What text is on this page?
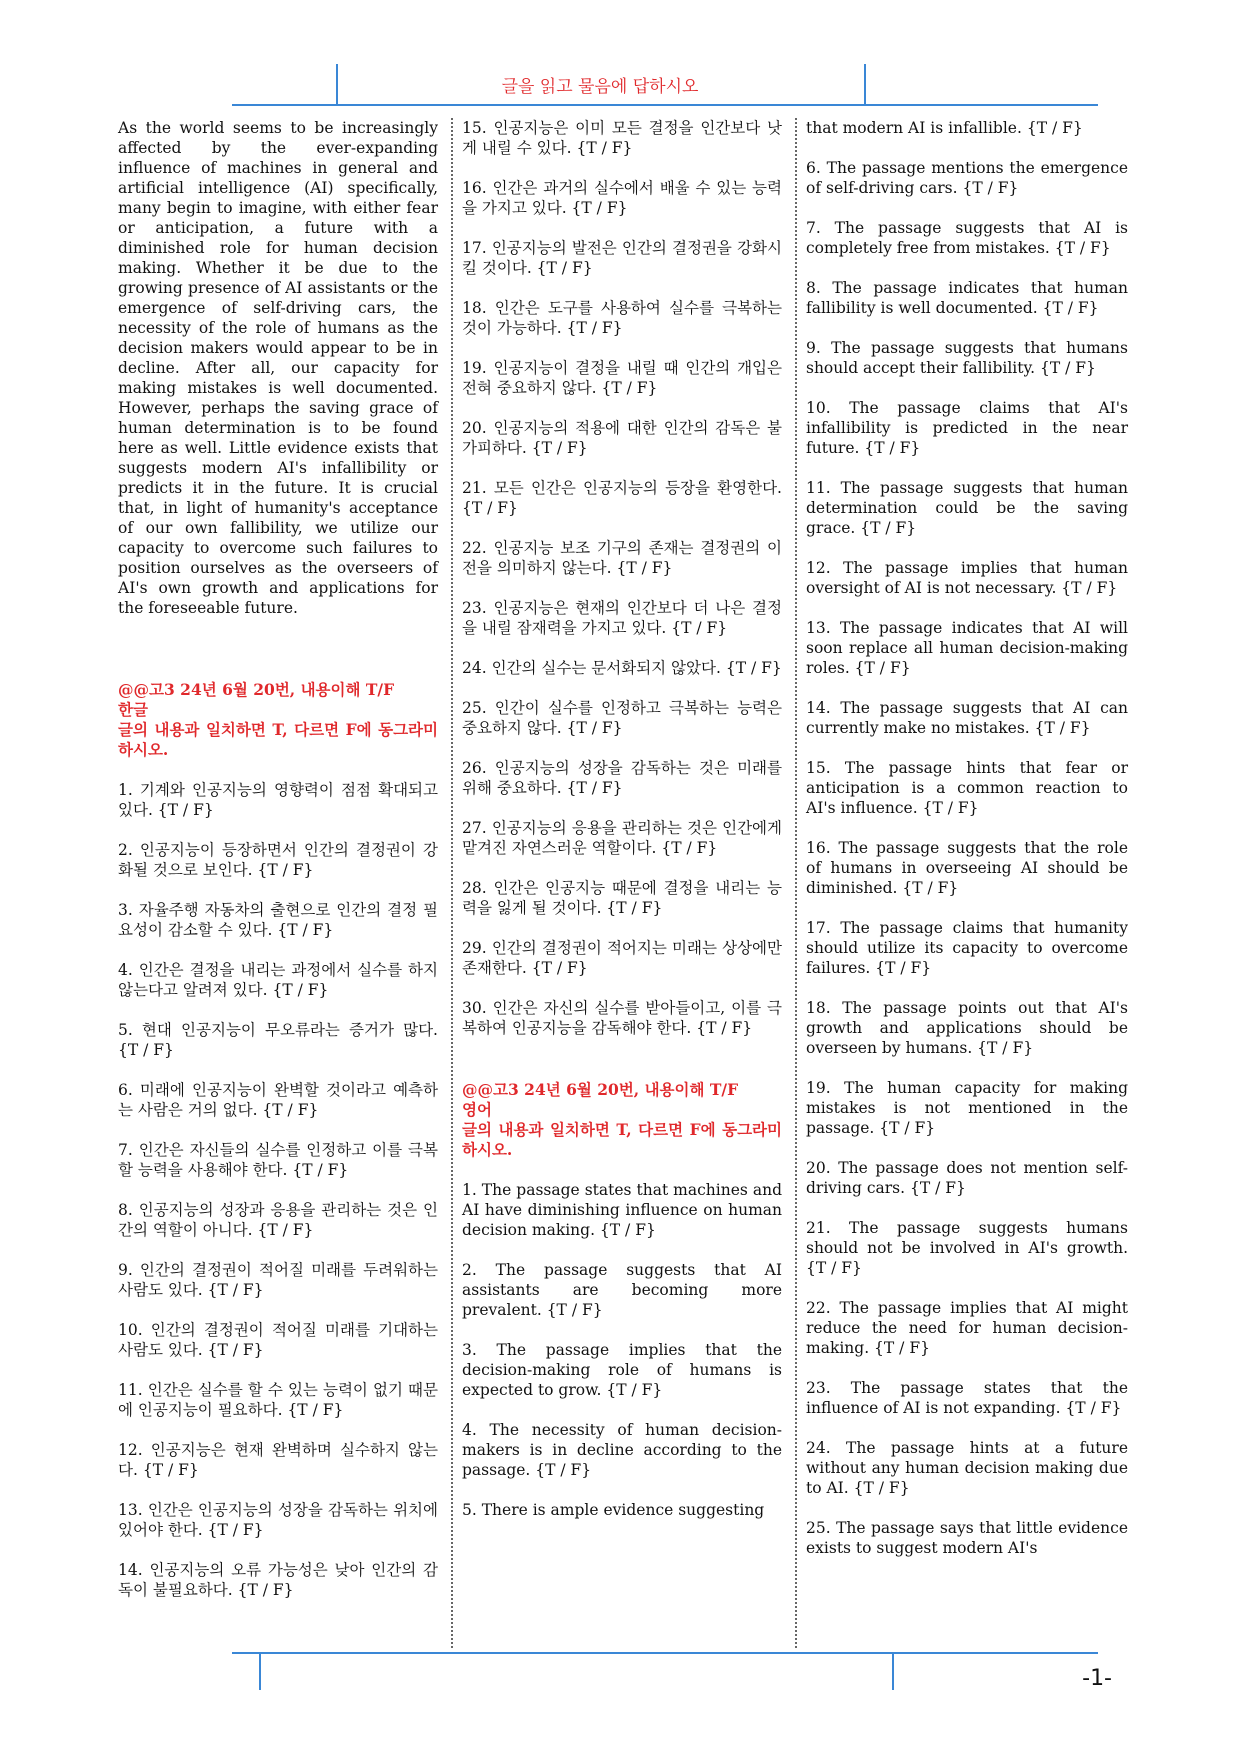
글을 읽고 물음에 답하시오

As the world seems to be increasingly affected by the ever-expanding influence of machines in general and artificial intelligence (AI) specifically, many begin to imagine, with either fear or anticipation, a future with a diminished role for human decision making. Whether it be due to the growing presence of AI assistants or the emergence of self-driving cars, the necessity of the role of humans as the decision makers would appear to be in decline. After all, our capacity for making mistakes is well documented. However, perhaps the saving grace of human determination is to be found here as well. Little evidence exists that suggests modern AI's infallibility or predicts it in the future. It is crucial that, in light of humanity's acceptance of our own fallibility, we utilize our capacity to overcome such failures to position ourselves as the overseers of AI's own growth and applications for the foreseeable future.

@@고3 24년 6월 20번, 내용이해 T/F
한글
글의 내용과 일치하면 T, 다르면 F에 동그라미 하시오.

1. 기계와 인공지능의 영향력이 점점 확대되고 있다. {T / F}

2. 인공지능이 등장하면서 인간의 결정권이 강화될 것으로 보인다. {T / F}

3. 자율주행 자동차의 출현으로 인간의 결정 필요성이 감소할 수 있다. {T / F}

4. 인간은 결정을 내리는 과정에서 실수를 하지 않는다고 알려져 있다. {T / F}

5. 현대 인공지능이 무오류라는 증거가 많다. {T / F}

6. 미래에 인공지능이 완벽할 것이라고 예측하는 사람은 거의 없다. {T / F}

7. 인간은 자신들의 실수를 인정하고 이를 극복할 능력을 사용해야 한다. {T / F}

8. 인공지능의 성장과 응용을 관리하는 것은 인간의 역할이 아니다. {T / F}

9. 인간의 결정권이 적어질 미래를 두려워하는 사람도 있다. {T / F}

10. 인간의 결정권이 적어질 미래를 기대하는 사람도 있다. {T / F}

11. 인간은 실수를 할 수 있는 능력이 없기 때문에 인공지능이 필요하다. {T / F}

12. 인공지능은 현재 완벽하며 실수하지 않는다. {T / F}

13. 인간은 인공지능의 성장을 감독하는 위치에 있어야 한다. {T / F}

14. 인공지능의 오류 가능성은 낮아 인간의 감독이 불필요하다. {T / F}

15. 인공지능은 이미 모든 결정을 인간보다 낫게 내릴 수 있다. {T / F}

16. 인간은 과거의 실수에서 배울 수 있는 능력을 가지고 있다. {T / F}

17. 인공지능의 발전은 인간의 결정권을 강화시킬 것이다. {T / F}

18. 인간은 도구를 사용하여 실수를 극복하는 것이 가능하다. {T / F}

19. 인공지능이 결정을 내릴 때 인간의 개입은 전혀 중요하지 않다. {T / F}

20. 인공지능의 적용에 대한 인간의 감독은 불가피하다. {T / F}

21. 모든 인간은 인공지능의 등장을 환영한다. {T / F}

22. 인공지능 보조 기구의 존재는 결정권의 이전을 의미하지 않는다. {T / F}

23. 인공지능은 현재의 인간보다 더 나은 결정을 내릴 잠재력을 가지고 있다. {T / F}

24. 인간의 실수는 문서화되지 않았다. {T / F}

25. 인간이 실수를 인정하고 극복하는 능력은 중요하지 않다. {T / F}

26. 인공지능의 성장을 감독하는 것은 미래를 위해 중요하다. {T / F}

27. 인공지능의 응용을 관리하는 것은 인간에게 맡겨진 자연스러운 역할이다. {T / F}

28. 인간은 인공지능 때문에 결정을 내리는 능력을 잃게 될 것이다. {T / F}

29. 인간의 결정권이 적어지는 미래는 상상에만 존재한다. {T / F}

30. 인간은 자신의 실수를 받아들이고, 이를 극복하여 인공지능을 감독해야 한다. {T / F}

@@고3 24년 6월 20번, 내용이해 T/F
영어
글의 내용과 일치하면 T, 다르면 F에 동그라미 하시오.

1. The passage states that machines and AI have diminishing influence on human decision making. {T / F}

2. The passage suggests that AI assistants are becoming more prevalent. {T / F}

3. The passage implies that the decision-making role of humans is expected to grow. {T / F}

4. The necessity of human decision-makers is in decline according to the passage. {T / F}

5. There is ample evidence suggesting

that modern AI is infallible. {T / F}

6. The passage mentions the emergence of self-driving cars. {T / F}

7. The passage suggests that AI is completely free from mistakes. {T / F}

8. The passage indicates that human fallibility is well documented. {T / F}

9. The passage suggests that humans should accept their fallibility. {T / F}

10. The passage claims that AI's infallibility is predicted in the near future. {T / F}

11. The passage suggests that human determination could be the saving grace. {T / F}

12. The passage implies that human oversight of AI is not necessary. {T / F}

13. The passage indicates that AI will soon replace all human decision-making roles. {T / F}

14. The passage suggests that AI can currently make no mistakes. {T / F}

15. The passage hints that fear or anticipation is a common reaction to AI's influence. {T / F}

16. The passage suggests that the role of humans in overseeing AI should be diminished. {T / F}

17. The passage claims that humanity should utilize its capacity to overcome failures. {T / F}

18. The passage points out that AI's growth and applications should be overseen by humans. {T / F}

19. The human capacity for making mistakes is not mentioned in the passage. {T / F}

20. The passage does not mention self-driving cars. {T / F}

21. The passage suggests humans should not be involved in AI's growth. {T / F}

22. The passage implies that AI might reduce the need for human decision-making. {T / F}

23. The passage states that the influence of AI is not expanding. {T / F}

24. The passage hints at a future without any human decision making due to AI. {T / F}

25. The passage says that little evidence exists to suggest modern AI's

-1-
